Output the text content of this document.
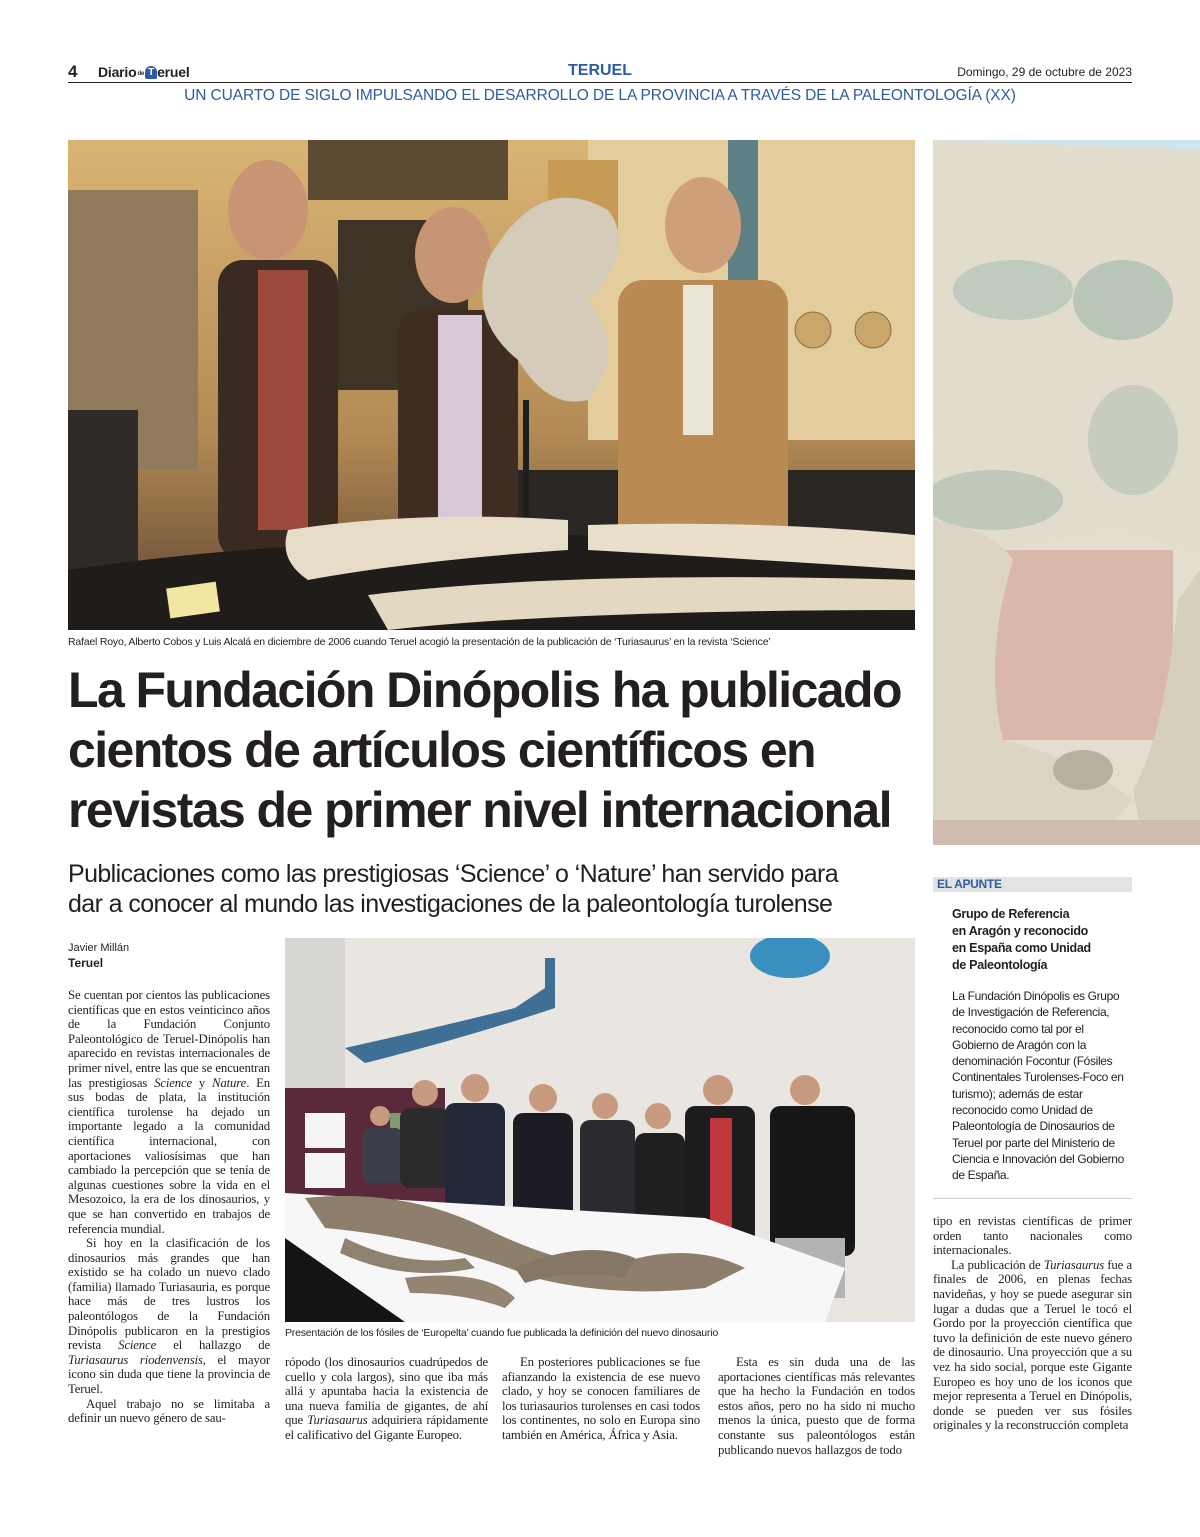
4 Diario de T eruel	TERUEL	Domingo, 29 de octubre de 2023
UN CUARTO DE SIGLO IMPULSANDO EL DESARROLLO DE LA PROVINCIA A TRAVÉS DE LA PALEONTOLOGÍA (XX)
Rafael Royo, Alberto Cobos y Luis Alcalá en diciembre de 2006 cuando Teruel acogió la presentación de la publicación de ‘Turiasaurus’ en la revista ‘Science’
La Fundación Dinópolis ha publicado
cientos de artículos científicos en
revistas de primer nivel internacional
Publicaciones como las prestigiosas ‘Science’ o ‘Nature’ han servido para
dar a conocer al mundo las investigaciones de la paleontología turolense
Javier Millán
Teruel

Se cuentan por cientos las publicaciones científicas que en estos veinticinco años de la Fundación Conjunto Paleontológico de Teruel-Dinópolis han aparecido en revistas internacionales de primer nivel, entre las que se encuentran las prestigiosas Science y Nature. En sus bodas de plata, la institución científica turolense ha dejado un importante legado a la comunidad científica internacional, con aportaciones valiosísimas que han cambiado la percepción que se tenía de algunas cuestiones sobre la vida en el Mesozoico, la era de los dinosaurios, y que se han convertido en trabajos de referencia mundial.

Si hoy en la clasificación de los dinosaurios más grandes que han existido se ha colado un nuevo clado (familia) llamado Turiasauria, es porque hace más de tres lustros los paleontólogos de la Fundación Dinópolis publicaron en la prestigios revista Science el hallazgo de Turiasaurus riodenvensis, el mayor icono sin duda que tiene la provincia de Teruel.

Aquel trabajo no se limitaba a definir un nuevo género de sau-

Presentación de los fósiles de ‘Europelta’ cuando fue publicada la definición del nuevo dinosaurio

rópodo (los dinosaurios cuadrúpedos de cuello y cola largos), sino que iba más allá y apuntaba hacia la existencia de una nueva familia de gigantes, de ahí que Turiasaurus adquiriera rápidamente el calificativo del Gigante Europeo.

En posteriores publicaciones se fue afianzando la existencia de ese nuevo clado, y hoy se conocen familiares de los turiasaurios turolenses en casi todos los continentes, no solo en Europa sino también en América, África y Asia.

Esta es sin duda una de las aportaciones científicas más relevantes que ha hecho la Fundación en todos estos años, pero no ha sido ni mucho menos la única, puesto que de forma constante sus paleontólogos están publicando nuevos hallazgos de todo

EL APUNTE
Grupo de Referencia
en Aragón y reconocido
en España como Unidad
de Paleontología
La Fundación Dinópolis es Grupo de Investigación de Referencia, reconocido como tal por el Gobierno de Aragón con la denominación Focontur (Fósiles Continentales Turolenses-Foco en turismo); además de estar reconocido como Unidad de Paleontología de Dinosaurios de Teruel por parte del Ministerio de Ciencia e Innovación del Gobierno de España.

tipo en revistas científicas de primer orden tanto nacionales como internacionales.

La publicación de Turiasaurus fue a finales de 2006, en plenas fechas navideñas, y hoy se puede asegurar sin lugar a dudas que a Teruel le tocó el Gordo por la proyección científica que tuvo la definición de este nuevo género de dinosaurio. Una proyección que a su vez ha sido social, porque este Gigante Europeo es hoy uno de los iconos que mejor representa a Teruel en Dinópolis, donde se pueden ver sus fósiles originales y la reconstrucción completa
